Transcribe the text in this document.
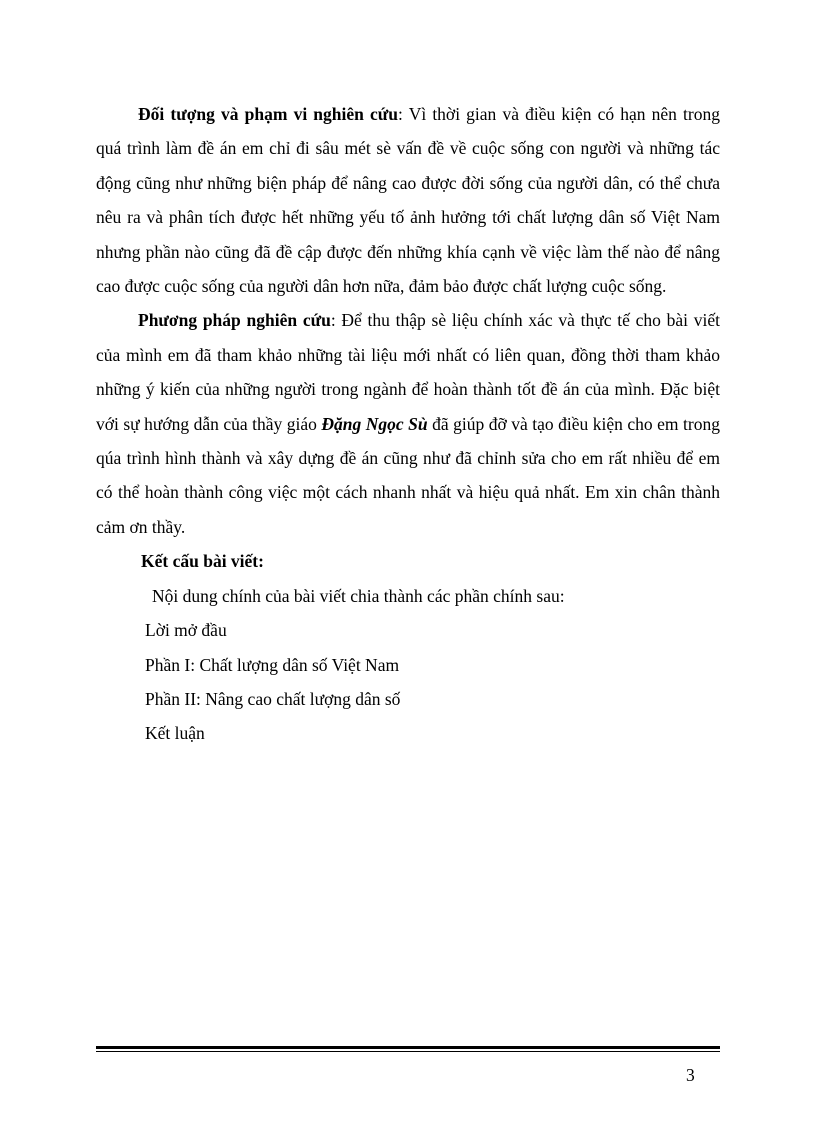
Đối tượng và phạm vi nghiên cứu: Vì thời gian và điều kiện có hạn nên trong quá trình làm đề án em chỉ đi sâu mét sè vấn đề về cuộc sống con người và những tác động cũng như những biện pháp để nâng cao được đời sống của người dân, có thể chưa nêu ra và phân tích được hết những yếu tố ảnh hưởng tới chất lượng dân số Việt Nam nhưng phần nào cũng đã đề cập được đến những khía cạnh về việc làm thế nào để nâng cao được cuộc sống của người dân hơn nữa, đảm bảo được chất lượng cuộc sống.

Phương pháp nghiên cứu: Để thu thập sè liệu chính xác và thực tế cho bài viết của mình em đã tham khảo những tài liệu mới nhất có liên quan, đồng thời tham khảo những ý kiến của những người trong ngành để hoàn thành tốt đề án của mình. Đặc biệt với sự hướng dẫn của thầy giáo Đặng Ngọc Sù đã giúp đỡ và tạo điều kiện cho em trong qúa trình hình thành và xây dựng đề án cũng như đã chỉnh sửa cho em rất nhiều để em có thể hoàn thành công việc một cách nhanh nhất và hiệu quả nhất. Em xin chân thành cảm ơn thầy.

Kết cấu bài viết:

Nội dung chính của bài viết chia thành các phần chính sau:

Lời mở đầu

Phần I: Chất lượng dân số Việt Nam

Phần II: Nâng cao chất lượng dân số

Kết luận

3
